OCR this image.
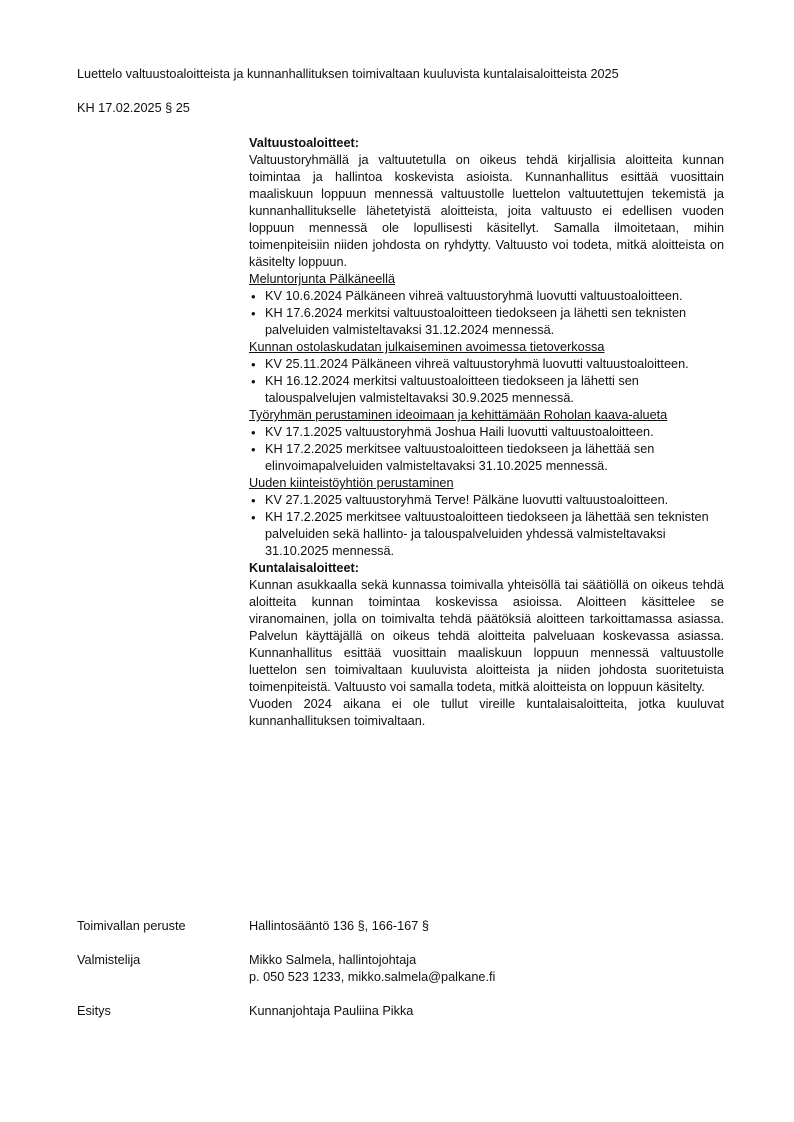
Luettelo valtuustoaloitteista ja kunnanhallituksen toimivaltaan kuuluvista kuntalaisaloitteista 2025
KH 17.02.2025 § 25

Valtuustoaloitteet:

Valtuustoryhmällä ja valtuutetulla on oikeus tehdä kirjallisia aloitteita kunnan toimintaa ja hallintoa koskevista asioista. Kunnanhallitus esittää vuosittain maaliskuun loppuun mennessä valtuustolle luettelon valtuutettujen tekemistä ja kunnanhallitukselle lähetetyistä aloitteista, joita valtuusto ei edellisen vuoden loppuun mennessä ole lopullisesti käsitellyt. Samalla ilmoitetaan, mihin toimenpiteisiin niiden johdosta on ryhdytty. Valtuusto voi todeta, mitkä aloitteista on käsitelty loppuun.

Meluntorjunta Pälkäneellä

• KV 10.6.2024 Pälkäneen vihreä valtuustoryhmä luovutti valtuustoaloitteen.
• KH 17.6.2024 merkitsi valtuustoaloitteen tiedokseen ja lähetti sen teknisten palveluiden valmisteltavaksi 31.12.2024 mennessä.

Kunnan ostolaskudatan julkaiseminen avoimessa tietoverkossa

• KV 25.11.2024 Pälkäneen vihreä valtuustoryhmä luovutti valtuustoaloitteen.
• KH 16.12.2024 merkitsi valtuustoaloitteen tiedokseen ja lähetti sen talouspalvelujen valmisteltavaksi 30.9.2025 mennessä.

Työryhmän perustaminen ideoimaan ja kehittämään Roholan kaava-alueta

• KV 17.1.2025 valtuustoryhmä Joshua Haili luovutti valtuustoaloitteen.
• KH 17.2.2025 merkitsee valtuustoaloitteen tiedokseen ja lähettää sen elinvoimapalveluiden valmisteltavaksi 31.10.2025 mennessä.

Uuden kiinteistöyhtiön perustaminen

• KV 27.1.2025 valtuustoryhmä Terve! Pälkäne luovutti valtuustoaloitteen.
• KH 17.2.2025 merkitsee valtuustoaloitteen tiedokseen ja lähettää sen teknisten palveluiden sekä hallinto- ja talouspalveluiden yhdessä valmisteltavaksi 31.10.2025 mennessä.

Kuntalaisaloitteet:

Kunnan asukkaalla sekä kunnassa toimivalla yhteisöllä tai säätiöllä on oikeus tehdä aloitteita kunnan toimintaa koskevissa asioissa. Aloitteen käsittelee se viranomainen, jolla on toimivalta tehdä päätöksiä aloitteen tarkoittamassa asiassa. Palvelun käyttäjällä on oikeus tehdä aloitteita palveluaan koskevassa asiassa. Kunnanhallitus esittää vuosittain maaliskuun loppuun mennessä valtuustolle luettelon sen toimivaltaan kuuluvista aloitteista ja niiden johdosta suoritetuista toimenpiteistä. Valtuusto voi samalla todeta, mitkä aloitteista on loppuun käsitelty.

Vuoden 2024 aikana ei ole tullut vireille kuntalaisaloitteita, jotka kuuluvat kunnanhallituksen toimivaltaan.

Toimivallan peruste	Hallintosääntö 136 §, 166-167 §
Valmistelija	Mikko Salmela, hallintojohtaja
p. 050 523 1233, mikko.salmela@palkane.fi
Esitys	Kunnanjohtaja Pauliina Pikka
